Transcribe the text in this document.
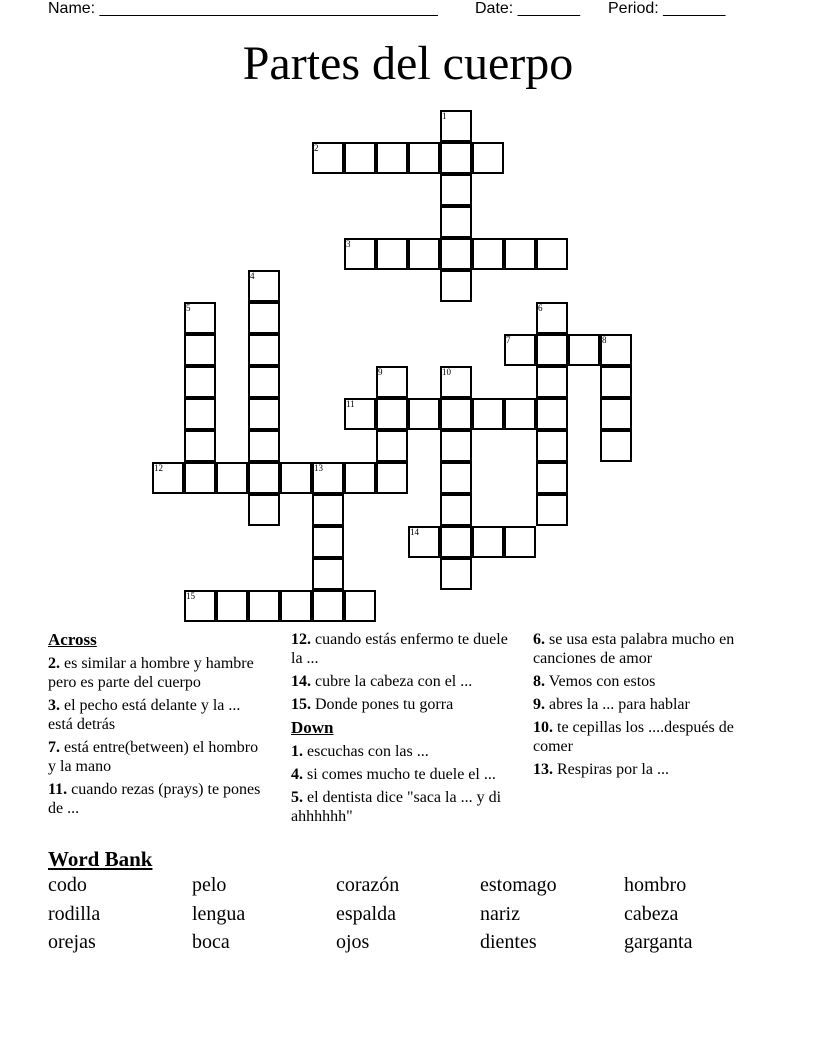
Name: ______________________________________ Date: _______ Period: _______
Partes del cuerpo
2
3
7
11
12
14
15
1
4
5	6
8
9	10
13
Across
2. es similar a hombre y hambre pero es parte del cuerpo
3. el pecho está delante y la ... está detrás
7. está entre(between) el hombro y la mano
11. cuando rezas (prays) te pones de ...
12. cuando estás enfermo te duele la ...
14. cubre la cabeza con el ...
15. Donde pones tu gorra
Down
1. escuchas con las ...
4. si comes mucho te duele el ...
5. el dentista dice "saca la ... y di ahhhhhh"
6. se usa esta palabra mucho en canciones de amor
8. Vemos con estos
9. abres la ... para hablar
10. te cepillas los ....después de comer
13. Respiras por la ...
Word Bank
codo	pelo	corazón	estomago	hombro
rodilla	lengua	espalda	nariz	cabeza
orejas	boca	ojos	dientes	garganta
